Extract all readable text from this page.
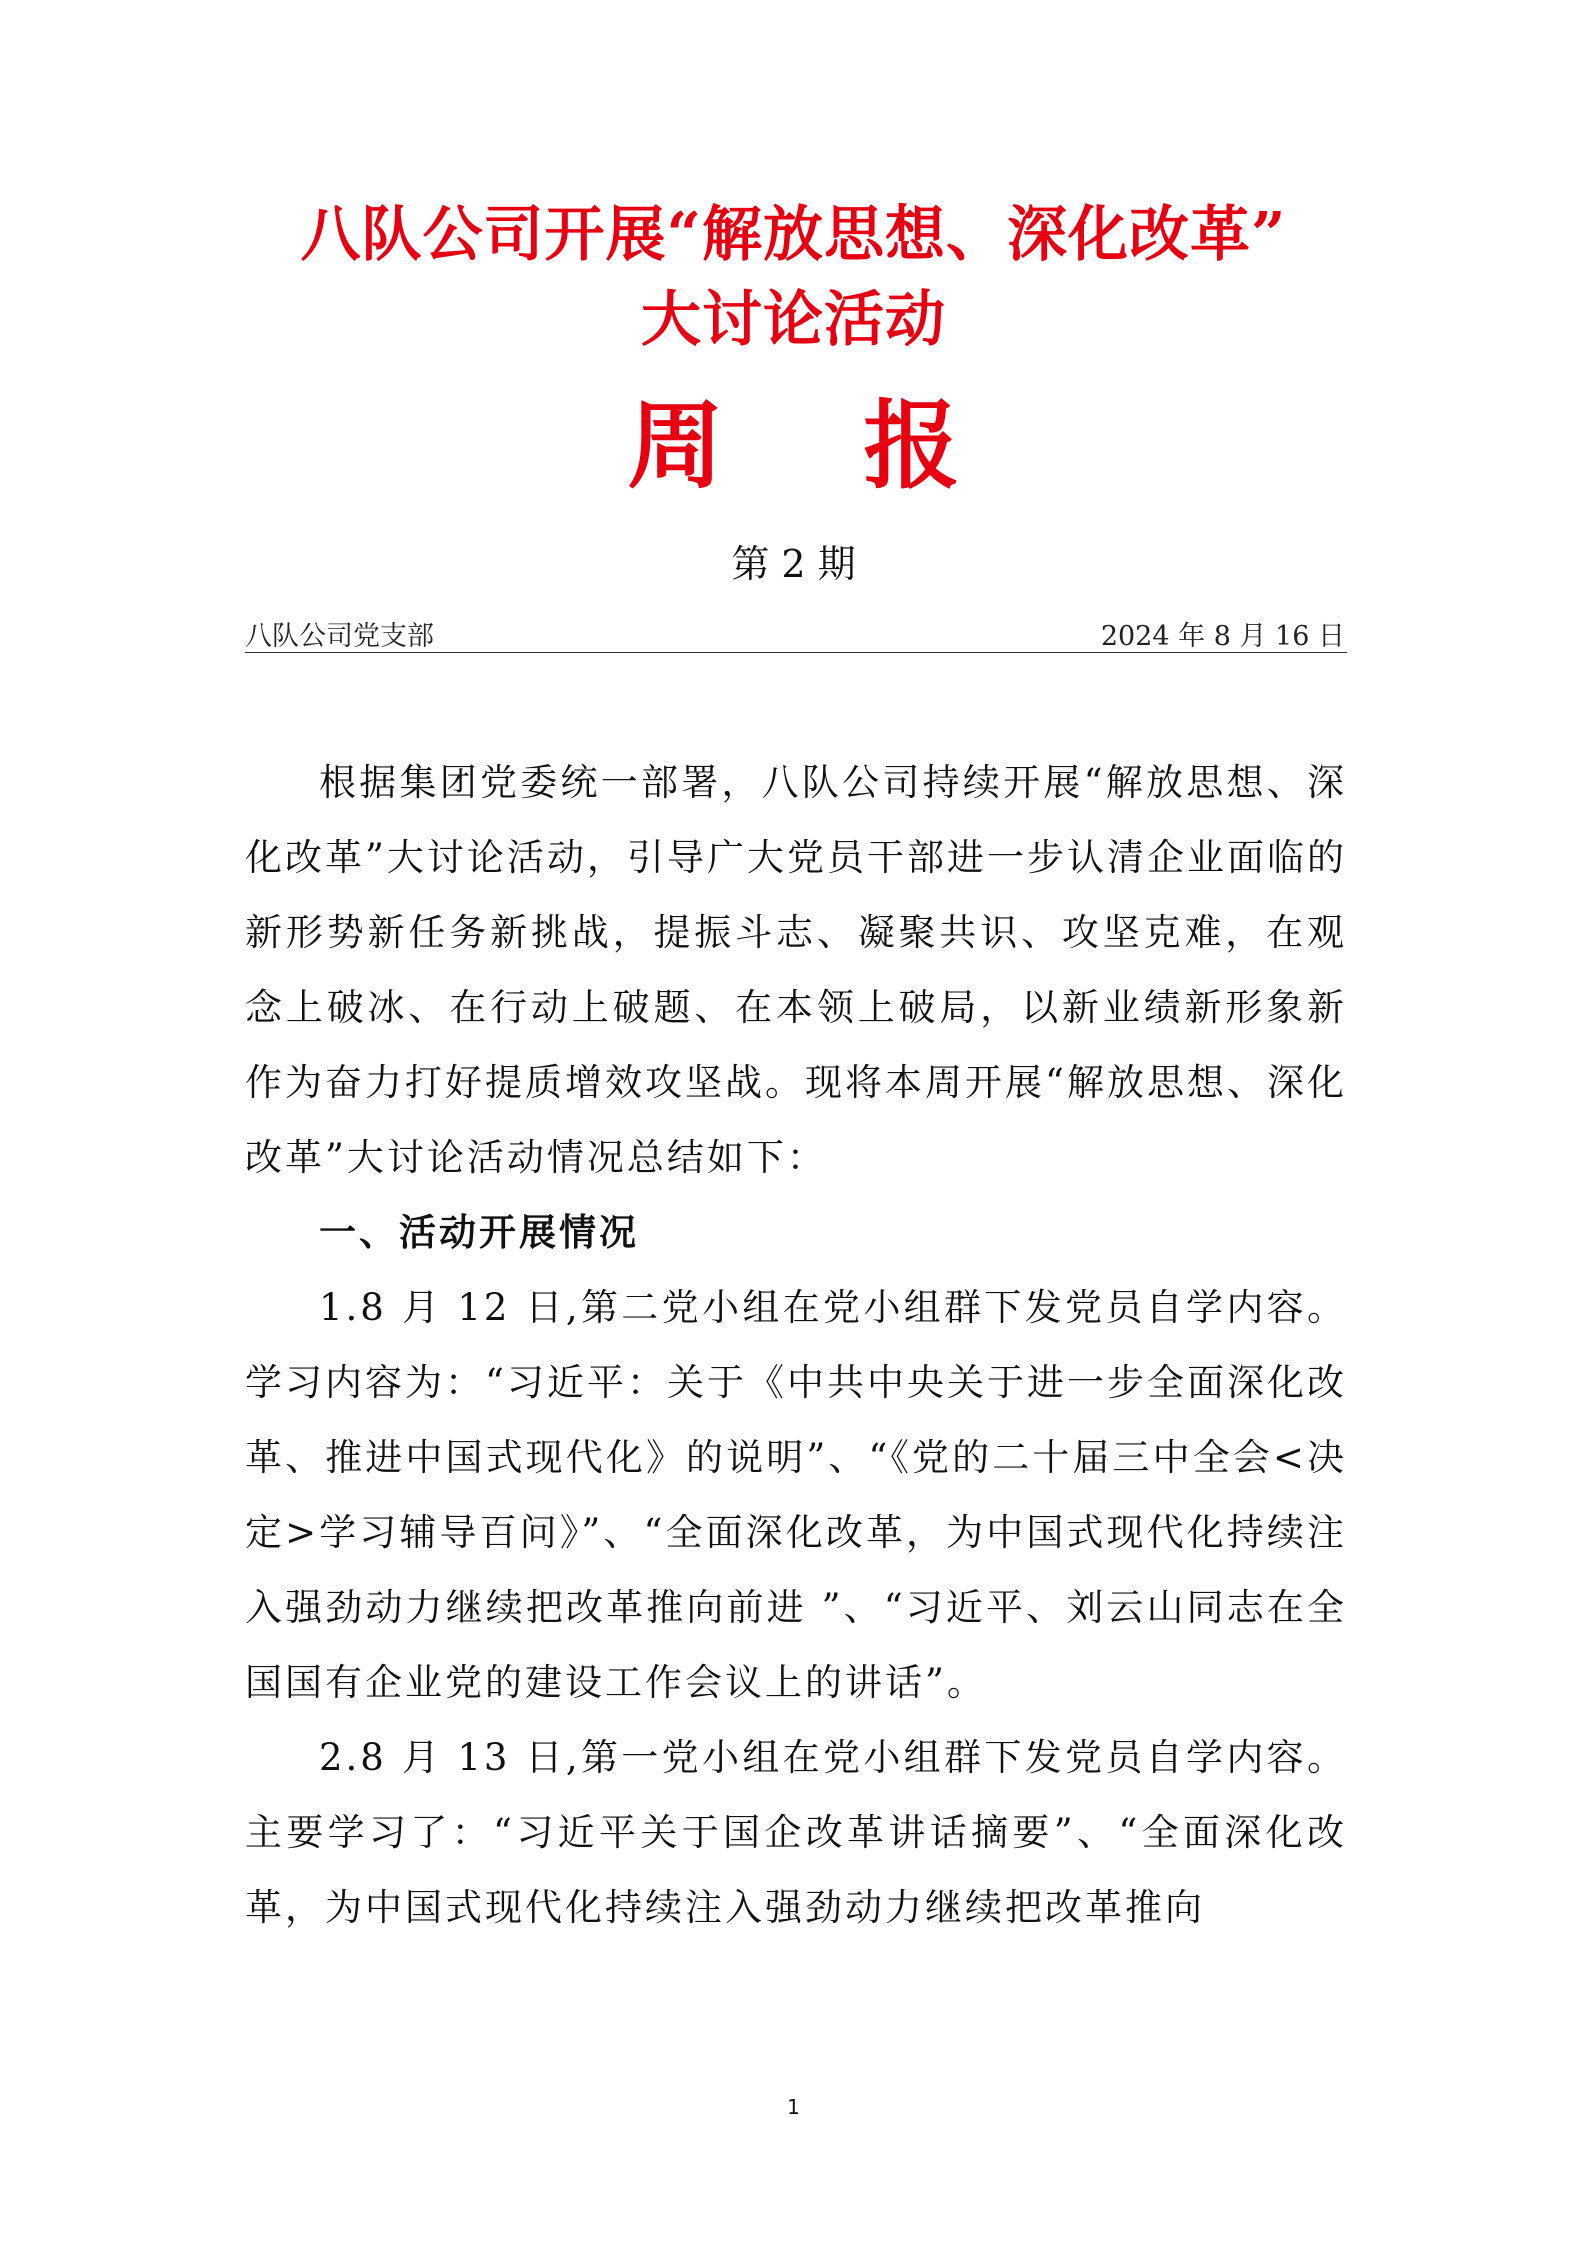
八队公司开展“解放思想、深化改革”
大讨论活动
周 报
第 2 期
八队公司党支部	2024 年 8 月 16 日

根据集团党委统一部署，八队公司持续开展“解放思想、深化改革”大讨论活动，引导广大党员干部进一步认清企业面临的新形势新任务新挑战，提振斗志、凝聚共识、攻坚克难，在观念上破冰、在行动上破题、在本领上破局，以新业绩新形象新作为奋力打好提质增效攻坚战。现将本周开展“解放思想、深化改革”大讨论活动情况总结如下：

一、活动开展情况

1.8 月 12 日,第二党小组在党小组群下发党员自学内容。学习内容为：“习近平：关于《中共中央关于进一步全面深化改革、推进中国式现代化》的说明”、“《党的二十届三中全会<决定>学习辅导百问》”、“全面深化改革，为中国式现代化持续注入强劲动力继续把改革推向前进 ”、“习近平、刘云山同志在全国国有企业党的建设工作会议上的讲话”。

2.8 月 13 日,第一党小组在党小组群下发党员自学内容。主要学习了：“习近平关于国企改革讲话摘要”、“全面深化改革，为中国式现代化持续注入强劲动力继续把改革推向

1
